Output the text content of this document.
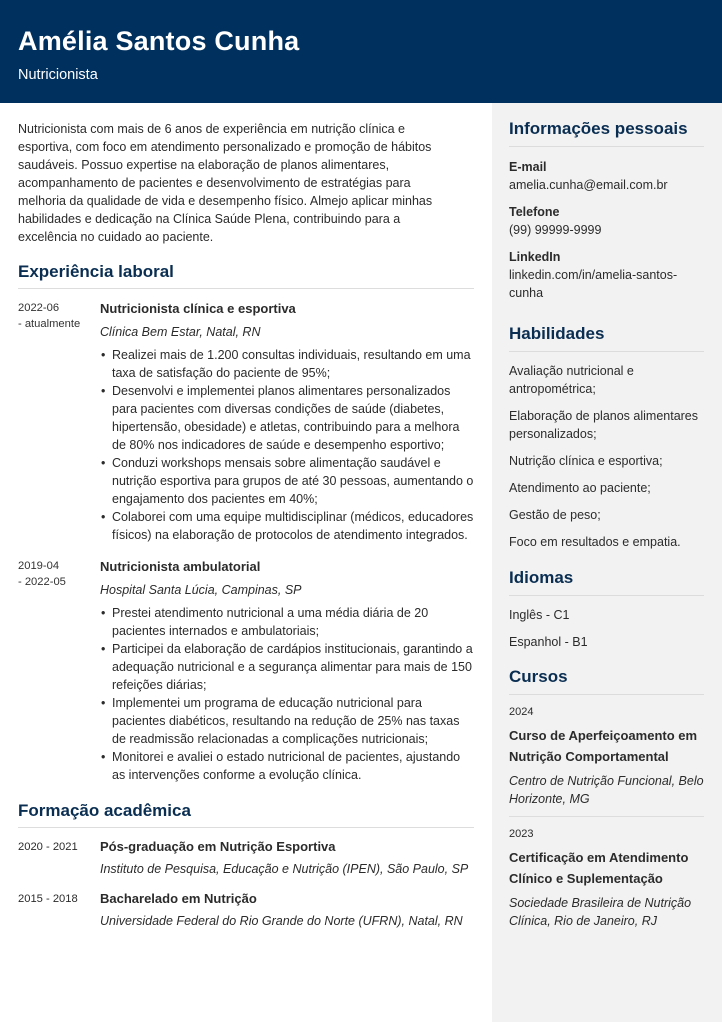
Amélia Santos Cunha
Nutricionista

Nutricionista com mais de 6 anos de experiência em nutrição clínica e esportiva, com foco em atendimento personalizado e promoção de hábitos saudáveis. Possuo expertise na elaboração de planos alimentares, acompanhamento de pacientes e desenvolvimento de estratégias para melhoria da qualidade de vida e desempenho físico. Almejo aplicar minhas habilidades e dedicação na Clínica Saúde Plena, contribuindo para a excelência no cuidado ao paciente.

Experiência laboral
2022-06
- atualmente
Nutricionista clínica e esportiva
Clínica Bem Estar, Natal, RN
• Realizei mais de 1.200 consultas individuais, resultando em uma taxa de satisfação do paciente de 95%;
• Desenvolvi e implementei planos alimentares personalizados para pacientes com diversas condições de saúde (diabetes, hipertensão, obesidade) e atletas, contribuindo para a melhora de 80% nos indicadores de saúde e desempenho esportivo;
• Conduzi workshops mensais sobre alimentação saudável e nutrição esportiva para grupos de até 30 pessoas, aumentando o engajamento dos pacientes em 40%;
• Colaborei com uma equipe multidisciplinar (médicos, educadores físicos) na elaboração de protocolos de atendimento integrados.
2019-04
- 2022-05
Nutricionista ambulatorial
Hospital Santa Lúcia, Campinas, SP
• Prestei atendimento nutricional a uma média diária de 20 pacientes internados e ambulatoriais;
• Participei da elaboração de cardápios institucionais, garantindo a adequação nutricional e a segurança alimentar para mais de 150 refeições diárias;
• Implementei um programa de educação nutricional para pacientes diabéticos, resultando na redução de 25% nas taxas de readmissão relacionadas a complicações nutricionais;
• Monitorei e avaliei o estado nutricional de pacientes, ajustando as intervenções conforme a evolução clínica.
Formação acadêmica
2020 - 2021	Pós-graduação em Nutrição Esportiva
Instituto de Pesquisa, Educação e Nutrição (IPEN), São Paulo, SP
2015 - 2018	Bacharelado em Nutrição
Universidade Federal do Rio Grande do Norte (UFRN), Natal, RN
Informações pessoais
E-mail
amelia.cunha@email.com.br
Telefone
(99) 99999-9999
LinkedIn
linkedin.com/in/amelia-santos-cunha
Habilidades
Avaliação nutricional e antropométrica;
Elaboração de planos alimentares personalizados;
Nutrição clínica e esportiva;
Atendimento ao paciente;
Gestão de peso;
Foco em resultados e empatia.
Idiomas
Inglês - C1
Espanhol - B1
Cursos
2024
Curso de Aperfeiçoamento em Nutrição Comportamental
Centro de Nutrição Funcional, Belo Horizonte, MG
2023
Certificação em Atendimento Clínico e Suplementação
Sociedade Brasileira de Nutrição Clínica, Rio de Janeiro, RJ
